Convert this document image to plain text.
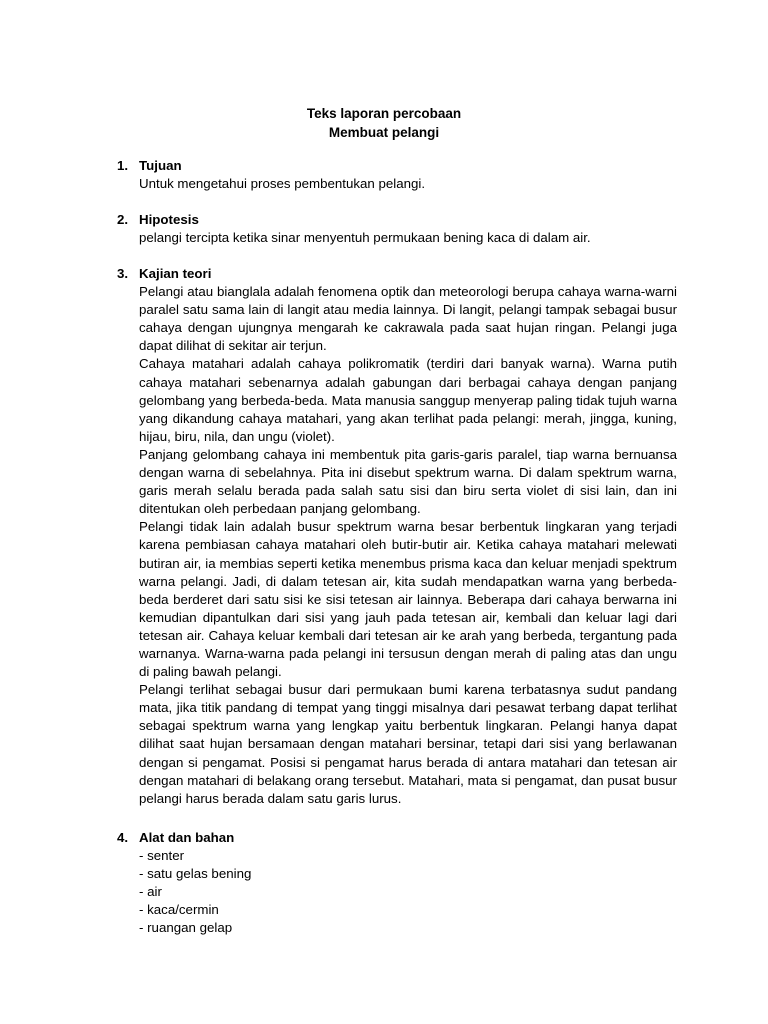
Teks laporan percobaan
Membuat pelangi
1. Tujuan

Untuk mengetahui proses pembentukan pelangi.

2. Hipotesis

pelangi tercipta ketika sinar menyentuh permukaan bening kaca di dalam air.

3. Kajian teori

Pelangi atau bianglala adalah fenomena optik dan meteorologi berupa cahaya warna-warni paralel satu sama lain di langit atau media lainnya. Di langit, pelangi tampak sebagai busur cahaya dengan ujungnya mengarah ke cakrawala pada saat hujan ringan. Pelangi juga dapat dilihat di sekitar air terjun.

Cahaya matahari adalah cahaya polikromatik (terdiri dari banyak warna). Warna putih cahaya matahari sebenarnya adalah gabungan dari berbagai cahaya dengan panjang gelombang yang berbeda-beda. Mata manusia sanggup menyerap paling tidak tujuh warna yang dikandung cahaya matahari, yang akan terlihat pada pelangi: merah, jingga, kuning, hijau, biru, nila, dan ungu (violet).

Panjang gelombang cahaya ini membentuk pita garis-garis paralel, tiap warna bernuansa dengan warna di sebelahnya. Pita ini disebut spektrum warna. Di dalam spektrum warna, garis merah selalu berada pada salah satu sisi dan biru serta violet di sisi lain, dan ini ditentukan oleh perbedaan panjang gelombang.

Pelangi tidak lain adalah busur spektrum warna besar berbentuk lingkaran yang terjadi karena pembiasan cahaya matahari oleh butir-butir air. Ketika cahaya matahari melewati butiran air, ia membias seperti ketika menembus prisma kaca dan keluar menjadi spektrum warna pelangi. Jadi, di dalam tetesan air, kita sudah mendapatkan warna yang berbeda-beda berderet dari satu sisi ke sisi tetesan air lainnya. Beberapa dari cahaya berwarna ini kemudian dipantulkan dari sisi yang jauh pada tetesan air, kembali dan keluar lagi dari tetesan air. Cahaya keluar kembali dari tetesan air ke arah yang berbeda, tergantung pada warnanya. Warna-warna pada pelangi ini tersusun dengan merah di paling atas dan ungu di paling bawah pelangi.

Pelangi terlihat sebagai busur dari permukaan bumi karena terbatasnya sudut pandang mata, jika titik pandang di tempat yang tinggi misalnya dari pesawat terbang dapat terlihat sebagai spektrum warna yang lengkap yaitu berbentuk lingkaran. Pelangi hanya dapat dilihat saat hujan bersamaan dengan matahari bersinar, tetapi dari sisi yang berlawanan dengan si pengamat. Posisi si pengamat harus berada di antara matahari dan tetesan air dengan matahari di belakang orang tersebut. Matahari, mata si pengamat, dan pusat busur pelangi harus berada dalam satu garis lurus.

4. Alat dan bahan

- senter

- satu gelas bening

- air

- kaca/cermin

- ruangan gelap
